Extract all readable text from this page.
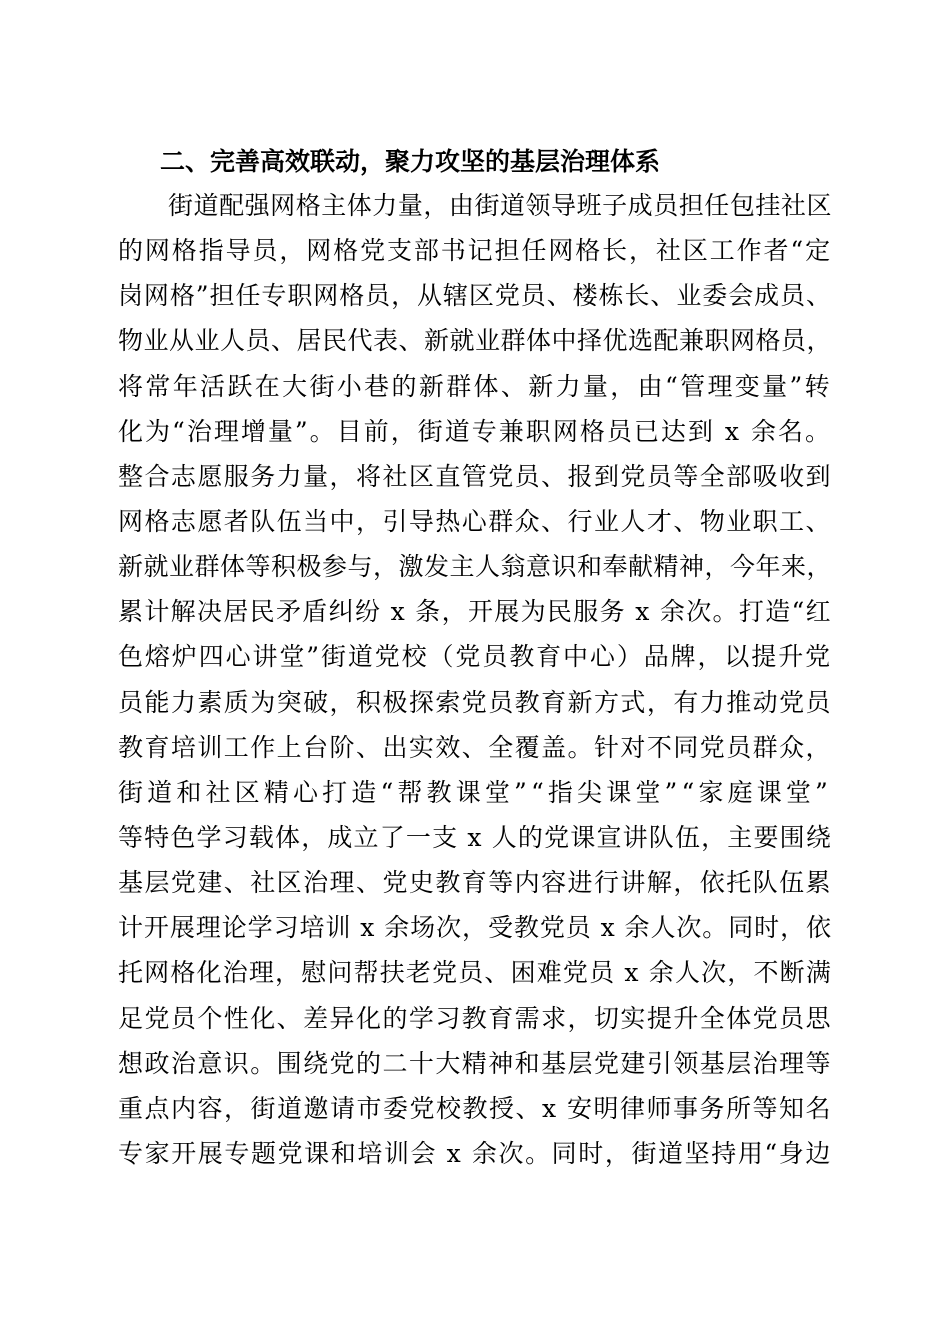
二、完善高效联动，聚力攻坚的基层治理体系
街道配强网格主体力量，由街道领导班子成员担任包挂社区
的网格指导员，网格党支部书记担任网格长，社区工作者“定
岗网格”担任专职网格员，从辖区党员、楼栋长、业委会成员、
物业从业人员、居民代表、新就业群体中择优选配兼职网格员，
将常年活跃在大街小巷的新群体、新力量，由“管理变量”转
化为“治理增量”。目前，街道专兼职网格员已达到 x 余名。
整合志愿服务力量，将社区直管党员、报到党员等全部吸收到
网格志愿者队伍当中，引导热心群众、行业人才、物业职工、
新就业群体等积极参与，激发主人翁意识和奉献精神，今年来，
累计解决居民矛盾纠纷 x 条，开展为民服务 x 余次。打造“红
色熔炉四心讲堂”街道党校（党员教育中心）品牌，以提升党
员能力素质为突破，积极探索党员教育新方式，有力推动党员
教育培训工作上台阶、出实效、全覆盖。针对不同党员群众，
街道和社区精心打造“帮教课堂”“指尖课堂”“家庭课堂”
等特色学习载体，成立了一支 x 人的党课宣讲队伍，主要围绕
基层党建、社区治理、党史教育等内容进行讲解，依托队伍累
计开展理论学习培训 x 余场次，受教党员 x 余人次。同时，依
托网格化治理，慰问帮扶老党员、困难党员 x 余人次，不断满
足党员个性化、差异化的学习教育需求，切实提升全体党员思
想政治意识。围绕党的二十大精神和基层党建引领基层治理等
重点内容，街道邀请市委党校教授、x 安明律师事务所等知名
专家开展专题党课和培训会 x 余次。同时，街道坚持用“身边
